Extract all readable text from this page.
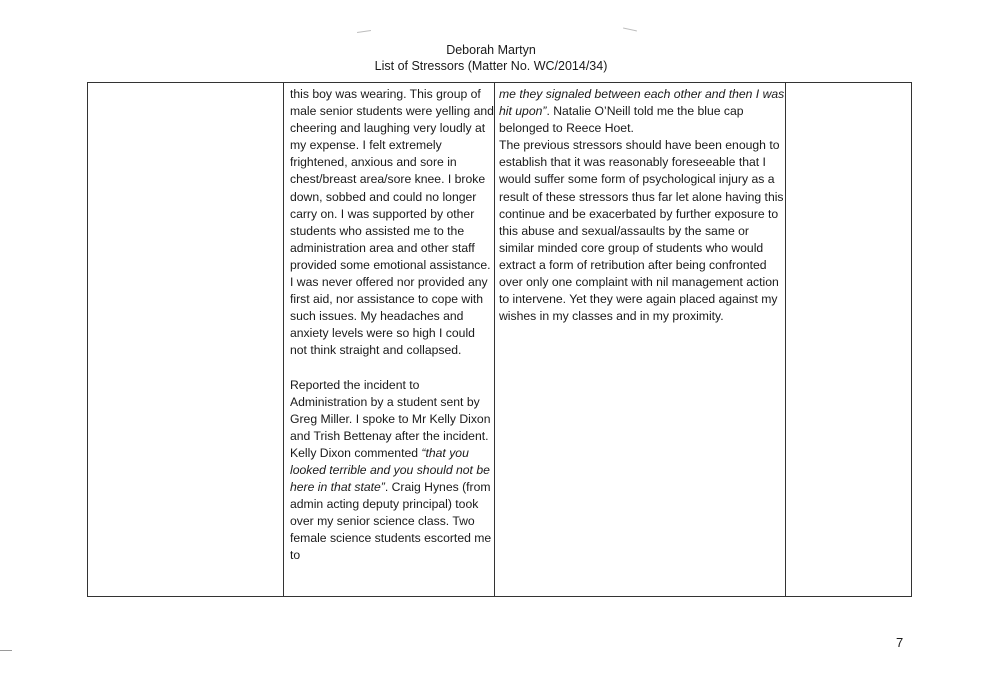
Deborah Martyn
List of Stressors (Matter No. WC/2014/34)

this boy was wearing. This group of male senior students were yelling and cheering and laughing very loudly at my expense. I felt extremely frightened, anxious and sore in chest/breast area/sore knee. I broke down, sobbed and could no longer carry on. I was supported by other students who assisted me to the administration area and other staff provided some emotional assistance. I was never offered nor provided any first aid, nor assistance to cope with such issues. My headaches and anxiety levels were so high I could not think straight and collapsed.

Reported the incident to Administration by a student sent by Greg Miller. I spoke to Mr Kelly Dixon and Trish Bettenay after the incident. Kelly Dixon commented “that you looked terrible and you should not be here in that state”. Craig Hynes (from admin acting deputy principal) took over my senior science class. Two female science students escorted me to

me they signaled between each other and then I was hit upon”. Natalie O’Neill told me the blue cap belonged to Reece Hoet.

The previous stressors should have been enough to establish that it was reasonably foreseeable that I would suffer some form of psychological injury as a result of these stressors thus far let alone having this continue and be exacerbated by further exposure to this abuse and sexual/assaults by the same or similar minded core group of students who would extract a form of retribution after being confronted over only one complaint with nil management action to intervene. Yet they were again placed against my wishes in my classes and in my proximity.

7
